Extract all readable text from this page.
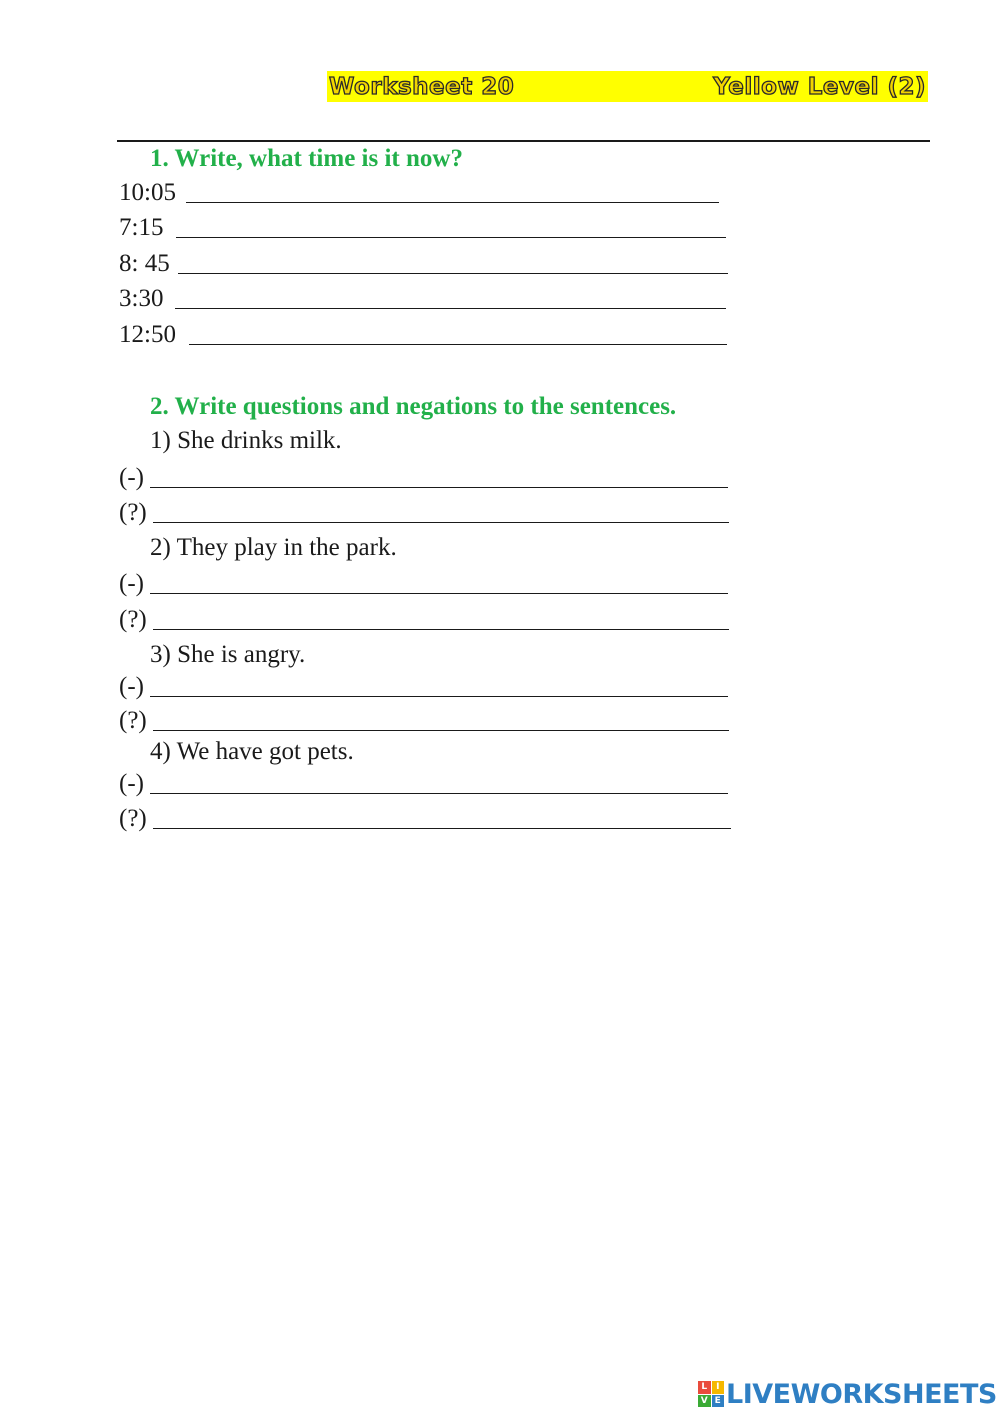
Worksheet 20	Yellow Level (2)
1. Write, what time is it now?
10:05
7:15
8: 45
3:30
12:50
2. Write questions and negations to the sentences.
1) She drinks milk.
(-)
(?)
2) They play in the park.
(-)
(?)
3) She is angry.
(-)
(?)
4) We have got pets.
(-)
(?)
L I
V E LIVEWORKSHEETS
